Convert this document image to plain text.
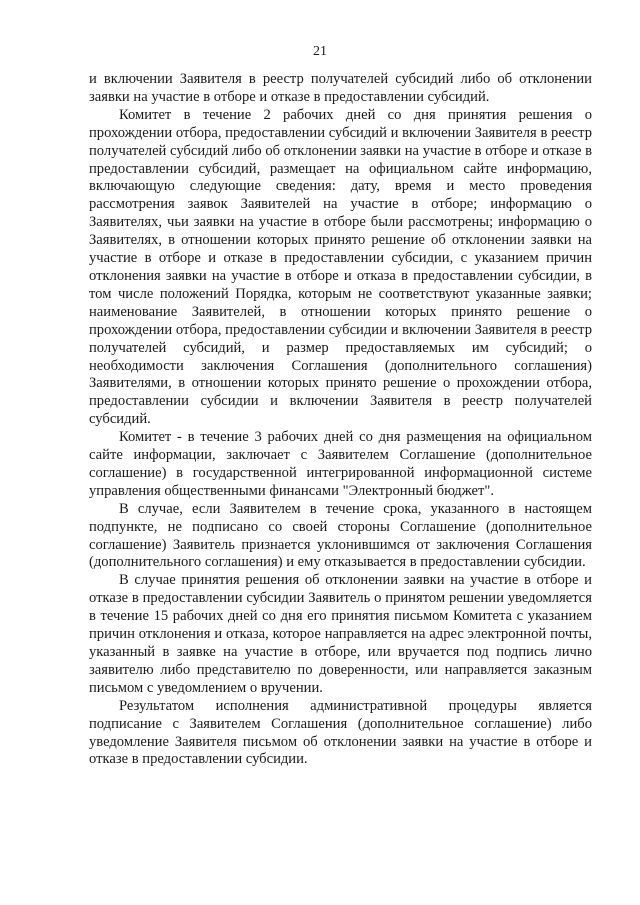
21

и включении Заявителя в реестр получателей субсидий либо об отклонении заявки на участие в отборе и отказе в предоставлении субсидий.

Комитет в течение 2 рабочих дней со дня принятия решения о прохождении отбора, предоставлении субсидий и включении Заявителя в реестр получателей субсидий либо об отклонении заявки на участие в отборе и отказе в предоставлении субсидий, размещает на официальном сайте информацию, включающую следующие сведения: дату, время и место проведения рассмотрения заявок Заявителей на участие в отборе; информацию о Заявителях, чьи заявки на участие в отборе были рассмотрены; информацию о Заявителях, в отношении которых принято решение об отклонении заявки на участие в отборе и отказе в предоставлении субсидии, с указанием причин отклонения заявки на участие в отборе и отказа в предоставлении субсидии, в том числе положений Порядка, которым не соответствуют указанные заявки; наименование Заявителей, в отношении которых принято решение о прохождении отбора, предоставлении субсидии и включении Заявителя в реестр получателей субсидий, и размер предоставляемых им субсидий; о необходимости заключения Соглашения (дополнительного соглашения) Заявителями, в отношении которых принято решение о прохождении отбора, предоставлении субсидии и включении Заявителя в реестр получателей субсидий.

Комитет - в течение 3 рабочих дней со дня размещения на официальном сайте информации, заключает с Заявителем Соглашение (дополнительное соглашение) в государственной интегрированной информационной системе управления общественными финансами "Электронный бюджет".

В случае, если Заявителем в течение срока, указанного в настоящем подпункте, не подписано со своей стороны Соглашение (дополнительное соглашение) Заявитель признается уклонившимся от заключения Соглашения (дополнительного соглашения) и ему отказывается в предоставлении субсидии.

В случае принятия решения об отклонении заявки на участие в отборе и отказе в предоставлении субсидии Заявитель о принятом решении уведомляется в течение 15 рабочих дней со дня его принятия письмом Комитета с указанием причин отклонения и отказа, которое направляется на адрес электронной почты, указанный в заявке на участие в отборе, или вручается под подпись лично заявителю либо представителю по доверенности, или направляется заказным письмом с уведомлением о вручении.

Результатом исполнения административной процедуры является подписание с Заявителем Соглашения (дополнительное соглашение) либо уведомление Заявителя письмом об отклонении заявки на участие в отборе и отказе в предоставлении субсидии.
